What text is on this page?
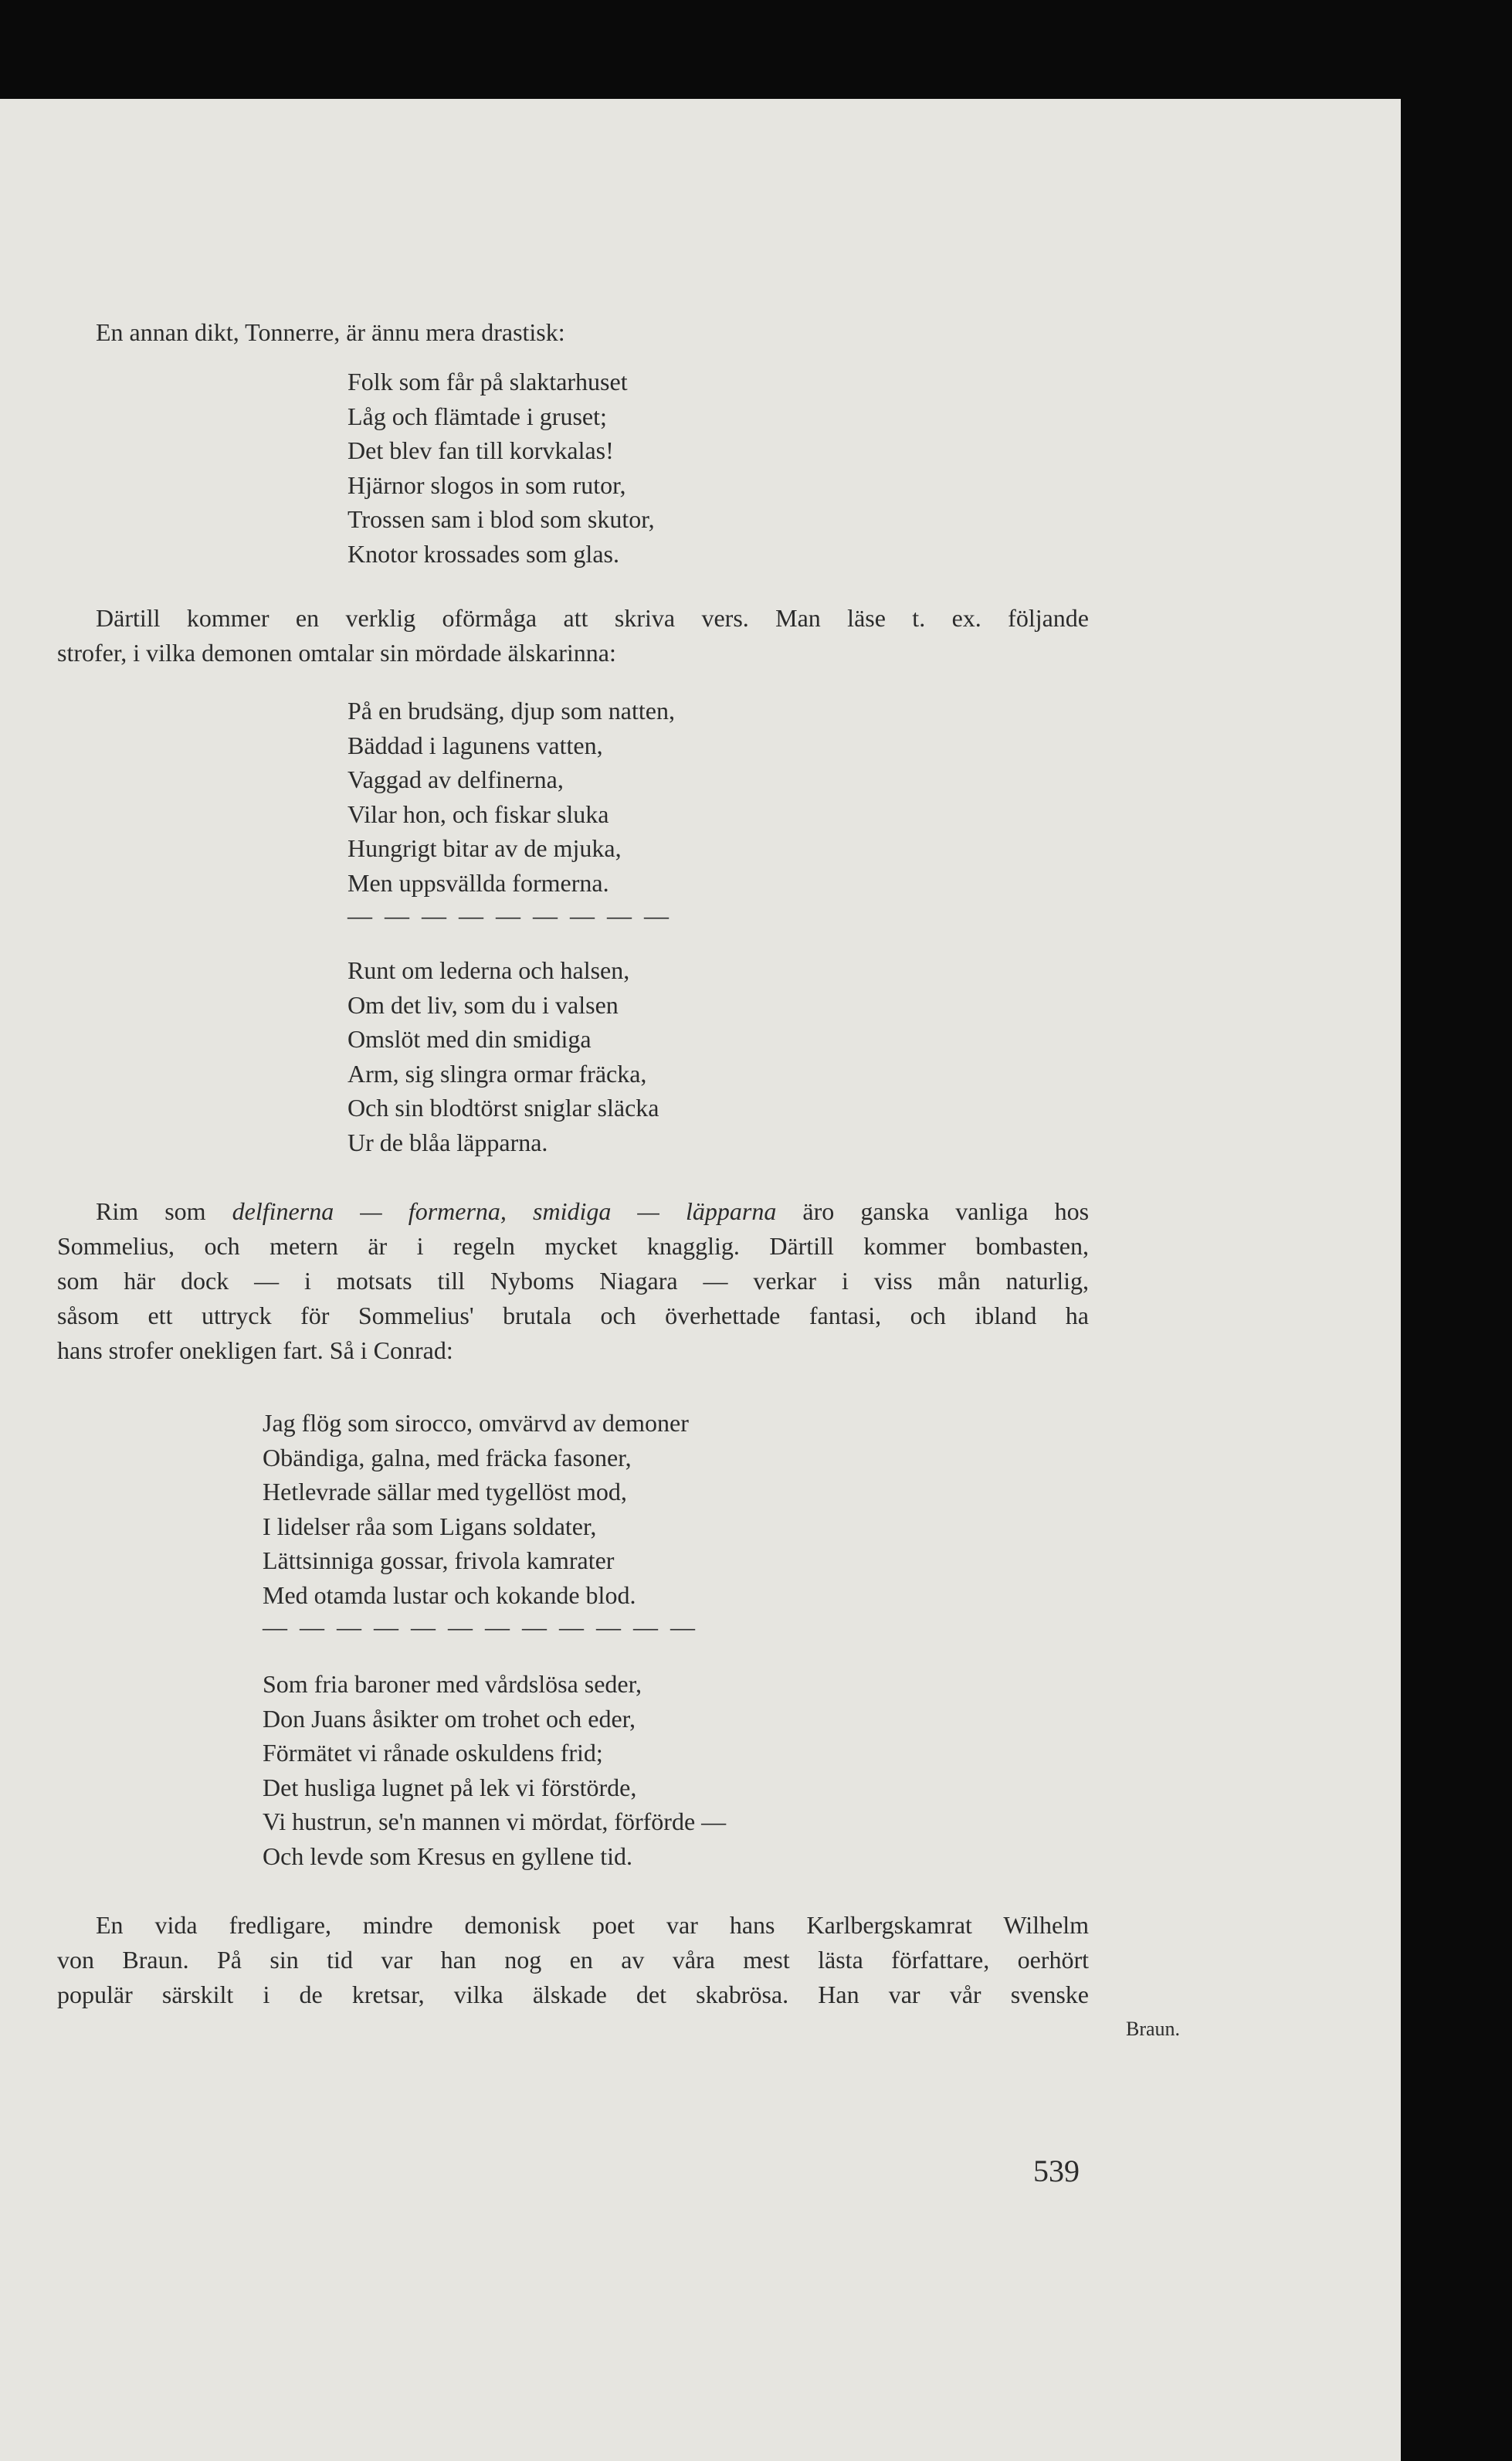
En annan dikt, Tonnerre, är ännu mera drastisk:

Folk som får på slaktarhuset
Låg och flämtade i gruset;
Det blev fan till korvkalas!
Hjärnor slogos in som rutor,
Trossen sam i blod som skutor,
Knotor krossades som glas.

Därtill kommer en verklig oförmåga att skriva vers. Man läse t. ex. följande

strofer, i vilka demonen omtalar sin mördade älskarinna:

På en brudsäng, djup som natten,
Bäddad i lagunens vatten,
Vaggad av delfinerna,
Vilar hon, och fiskar sluka
Hungrigt bitar av de mjuka,
Men uppsvällda formerna.
— — — — — — — — —
Runt om lederna och halsen,
Om det liv, som du i valsen
Omslöt med din smidiga
Arm, sig slingra ormar fräcka,
Och sin blodtörst sniglar släcka
Ur de blåa läpparna.

Rim som delfinerna — formerna, smidiga — läpparna äro ganska vanliga hos

Sommelius, och metern är i regeln mycket knagglig. Därtill kommer bombasten,

som här dock — i motsats till Nyboms Niagara — verkar i viss mån naturlig,

såsom ett uttryck för Sommelius' brutala och överhettade fantasi, och ibland ha

hans strofer onekligen fart. Så i Conrad:

Jag flög som sirocco, omvärvd av demoner
Obändiga, galna, med fräcka fasoner,
Hetlevrade sällar med tygellöst mod,
I lidelser råa som Ligans soldater,
Lättsinniga gossar, frivola kamrater
Med otamda lustar och kokande blod.
— — — — — — — — — — — —
Som fria baroner med vårdslösa seder,
Don Juans åsikter om trohet och eder,
Förmätet vi rånade oskuldens frid;
Det husliga lugnet på lek vi förstörde,
Vi hustrun, se'n mannen vi mördat, förförde —
Och levde som Kresus en gyllene tid.

En vida fredligare, mindre demonisk poet var hans Karlbergskamrat Wilhelm

von Braun. På sin tid var han nog en av våra mest lästa författare, oerhört

populär särskilt i de kretsar, vilka älskade det skabrösa. Han var vår svenske

Braun.
539
